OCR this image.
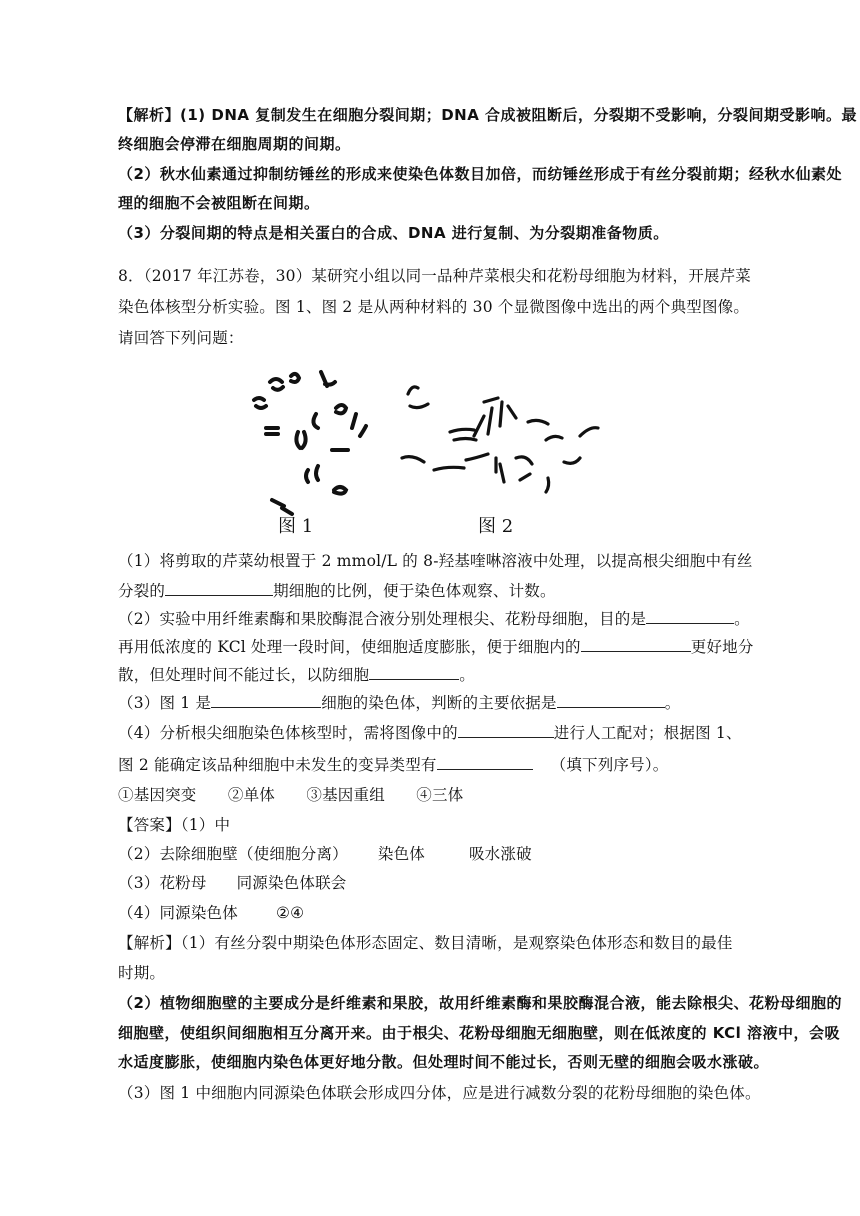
【解析】(1) DNA 复制发生在细胞分裂间期；DNA 合成被阻断后，分裂期不受影响，分裂间期受影响。最
终细胞会停滞在细胞周期的间期。
（2）秋水仙素通过抑制纺锤丝的形成来使染色体数目加倍，而纺锤丝形成于有丝分裂前期；经秋水仙素处
理的细胞不会被阻断在间期。
（3）分裂间期的特点是相关蛋白的合成、DNA 进行复制、为分裂期准备物质。
8．（2017 年江苏卷，30）某研究小组以同一品种芹菜根尖和花粉母细胞为材料，开展芹菜
染色体核型分析实验。图 1、图 2 是从两种材料的 30 个显微图像中选出的两个典型图像。
请回答下列问题：
图 1	图 2
（1）将剪取的芹菜幼根置于 2 mmol/L 的 8-羟基喹啉溶液中处理，以提高根尖细胞中有丝
分裂的	期细胞的比例，便于染色体观察、计数。
（2）实验中用纤维素酶和果胶酶混合液分别处理根尖、花粉母细胞，目的是	。
再用低浓度的 KCl 处理一段时间，使细胞适度膨胀，便于细胞内的	更好地分
散，但处理时间不能过长，以防细胞	。
（3）图 1 是	细胞的染色体，判断的主要依据是	。
（4）分析根尖细胞染色体核型时，需将图像中的	进行人工配对；根据图 1、
图 2 能确定该品种细胞中未发生的变异类型有	（填下列序号）。
①基因突变　　②单体　　③基因重组　　④三体
【答案】（1）中
（2）去除细胞壁（使细胞分离） 染色体	吸水涨破
（3）花粉母 同源染色体联会
（4）同源染色体 ②④
【解析】（1）有丝分裂中期染色体形态固定、数目清晰，是观察染色体形态和数目的最佳
时期。
（2）植物细胞壁的主要成分是纤维素和果胶，故用纤维素酶和果胶酶混合液，能去除根尖、花粉母细胞的
细胞壁，使组织间细胞相互分离开来。由于根尖、花粉母细胞无细胞壁，则在低浓度的 KCl 溶液中，会吸
水适度膨胀，使细胞内染色体更好地分散。但处理时间不能过长，否则无壁的细胞会吸水涨破。
（3）图 1 中细胞内同源染色体联会形成四分体，应是进行减数分裂的花粉母细胞的染色体。
